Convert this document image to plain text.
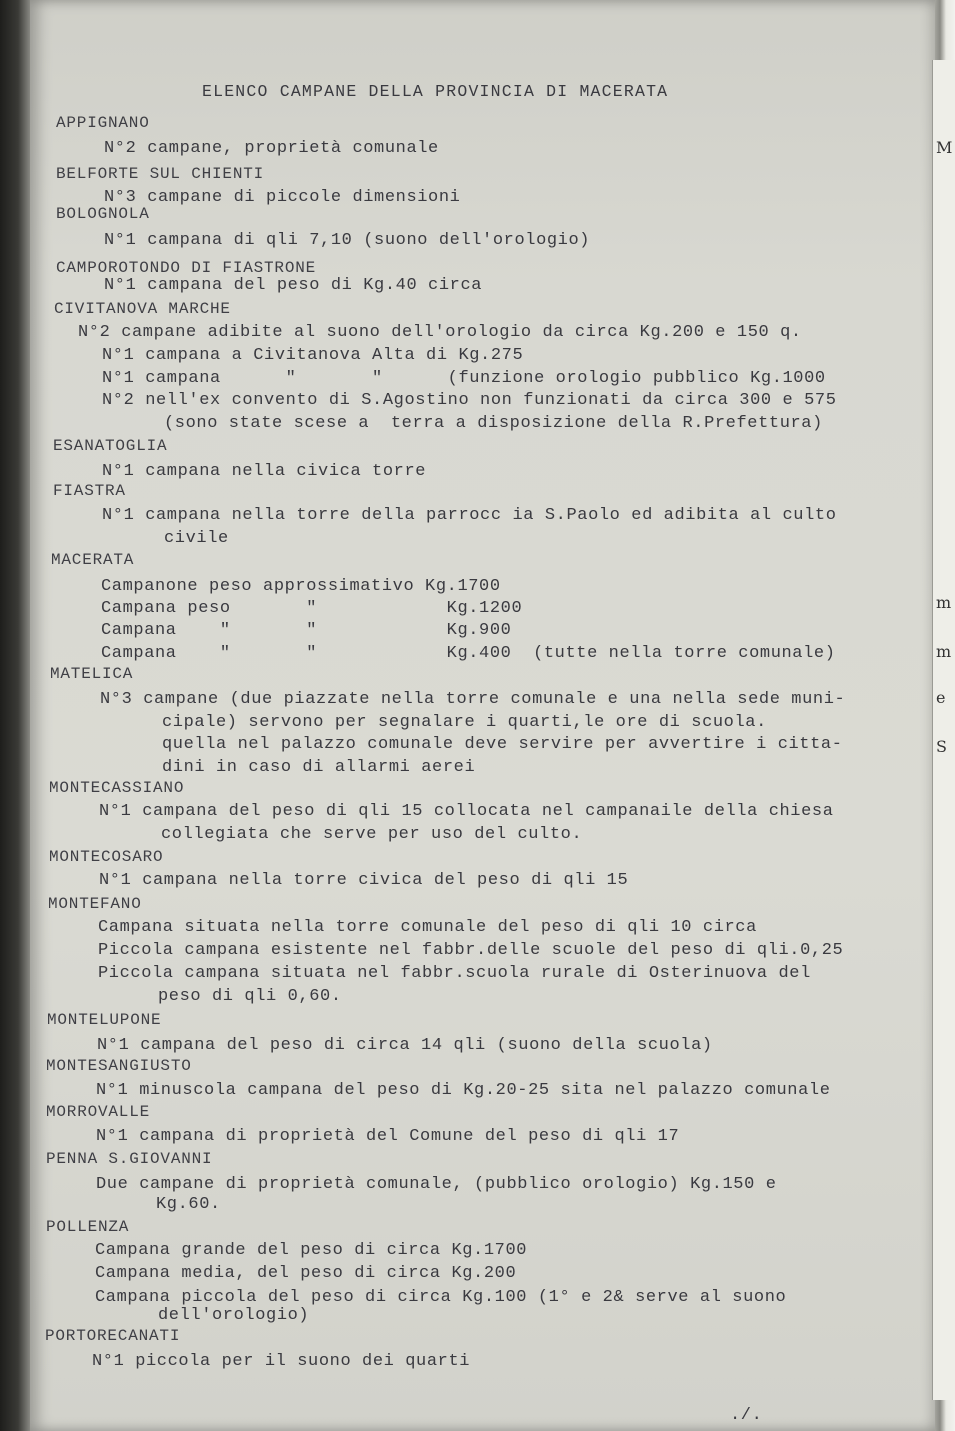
M
m
m
e
S
ELENCO CAMPANE DELLA PROVINCIA DI MACERATA
APPIGNANO
N°2 campane, proprietà comunale
BELFORTE SUL CHIENTI
N°3 campane di piccole dimensioni
BOLOGNOLA
N°1 campana di qli 7,10 (suono dell'orologio)
CAMPOROTONDO DI FIASTRONE
N°1 campana del peso di Kg.40 circa
CIVITANOVA MARCHE
N°2 campane adibite al suono dell'orologio da circa Kg.200 e 150 q.
N°1 campana a Civitanova Alta di Kg.275
N°1 campana      "       "      (funzione orologio pubblico Kg.1000
N°2 nell'ex convento di S.Agostino non funzionati da circa 300 e 575
(sono state scese a  terra a disposizione della R.Prefettura)
ESANATOGLIA
N°1 campana nella civica torre
FIASTRA
N°1 campana nella torre della parrocc ia S.Paolo ed adibita al culto
civile
MACERATA
Campanone peso approssimativo Kg.1700
Campana peso       "            Kg.1200
Campana    "       "            Kg.900
Campana    "       "            Kg.400  (tutte nella torre comunale)
MATELICA
N°3 campane (due piazzate nella torre comunale e una nella sede muni-
cipale) servono per segnalare i quarti,le ore di scuola.
quella nel palazzo comunale deve servire per avvertire i citta-
dini in caso di allarmi aerei
MONTECASSIANO
N°1 campana del peso di qli 15 collocata nel campanaile della chiesa
collegiata che serve per uso del culto.
MONTECOSARO
N°1 campana nella torre civica del peso di qli 15
MONTEFANO
Campana situata nella torre comunale del peso di qli 10 circa
Piccola campana esistente nel fabbr.delle scuole del peso di qli.0,25
Piccola campana situata nel fabbr.scuola rurale di Osterinuova del
peso di qli 0,60.
MONTELUPONE
N°1 campana del peso di circa 14 qli (suono della scuola)
MONTESANGIUSTO
N°1 minuscola campana del peso di Kg.20-25 sita nel palazzo comunale
MORROVALLE
N°1 campana di proprietà del Comune del peso di qli 17
PENNA S.GIOVANNI
Due campane di proprietà comunale, (pubblico orologio) Kg.150 e
Kg.60.
POLLENZA
Campana grande del peso di circa Kg.1700
Campana media, del peso di circa Kg.200
Campana piccola del peso di circa Kg.100 (1° e 2& serve al suono
dell'orologio)
PORTORECANATI
N°1 piccola per il suono dei quarti
./.
